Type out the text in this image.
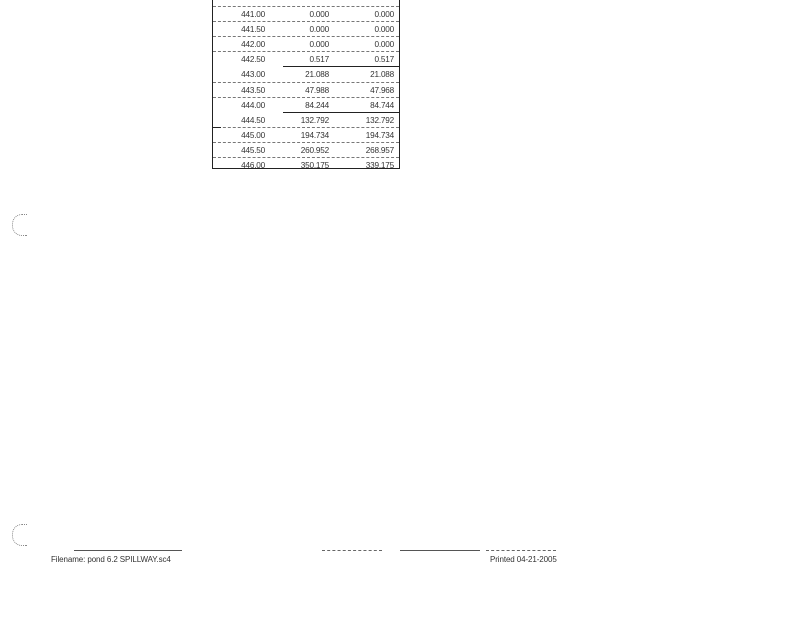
441.00	0.000	0.000
441.50	0.000	0.000
442.00	0.000	0.000
442.50	0.517	0.517
443.00	21.088	21.088
443.50	47.988	47.968
444.00	84.244	84.744
444.50	132.792	132.792
445.00	194.734	194.734
445.50	260.952	268.957
446.00	350.175	339.175
Filename: pond 6.2 SPILLWAY.sc4	Printed 04-21-2005
